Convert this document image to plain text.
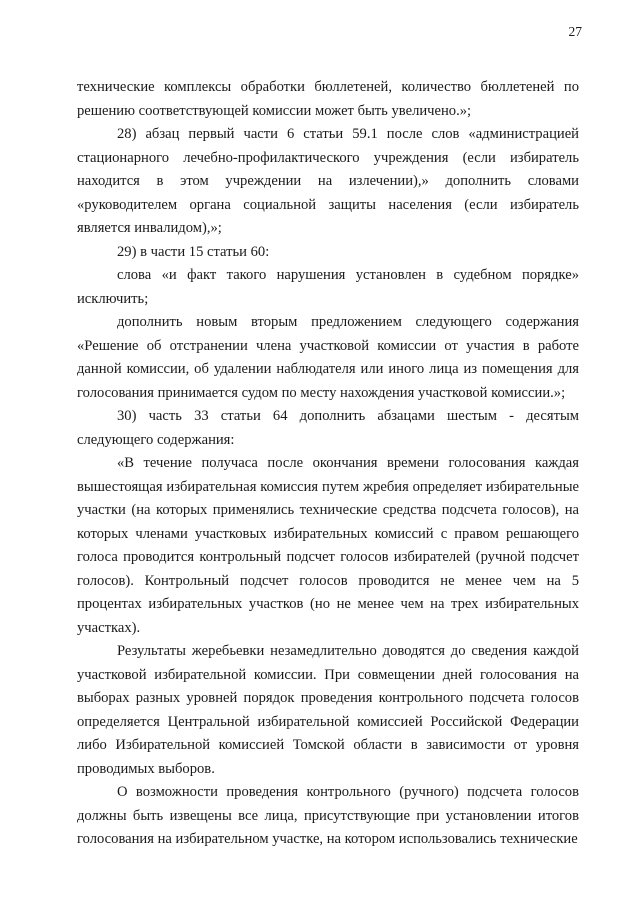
27

технические комплексы обработки бюллетеней, количество бюллетеней по решению соответствующей комиссии может быть увеличено.»;

28) абзац первый части 6 статьи 59.1 после слов «администрацией стационарного лечебно-профилактического учреждения (если избиратель находится в этом учреждении на излечении),» дополнить словами «руководителем органа социальной защиты населения (если избиратель является инвалидом),»;

29) в части 15 статьи 60:

слова «и факт такого нарушения установлен в судебном порядке» исключить;

дополнить новым вторым предложением следующего содержания «Решение об отстранении члена участковой комиссии от участия в работе данной комиссии, об удалении наблюдателя или иного лица из помещения для голосования принимается судом по месту нахождения участковой комиссии.»;

30) часть 33 статьи 64 дополнить абзацами шестым - десятым следующего содержания:

«В течение получаса после окончания времени голосования каждая вышестоящая избирательная комиссия путем жребия определяет избирательные участки (на которых применялись технические средства подсчета голосов), на которых членами участковых избирательных комиссий с правом решающего голоса проводится контрольный подсчет голосов избирателей (ручной подсчет голосов). Контрольный подсчет голосов проводится не менее чем на 5 процентах избирательных участков (но не менее чем на трех избирательных участках).

Результаты жеребьевки незамедлительно доводятся до сведения каждой участковой избирательной комиссии. При совмещении дней голосования на выборах разных уровней порядок проведения контрольного подсчета голосов определяется Центральной избирательной комиссией Российской Федерации либо Избирательной комиссией Томской области в зависимости от уровня проводимых выборов.

О возможности проведения контрольного (ручного) подсчета голосов должны быть извещены все лица, присутствующие при установлении итогов голосования на избирательном участке, на котором использовались технические
